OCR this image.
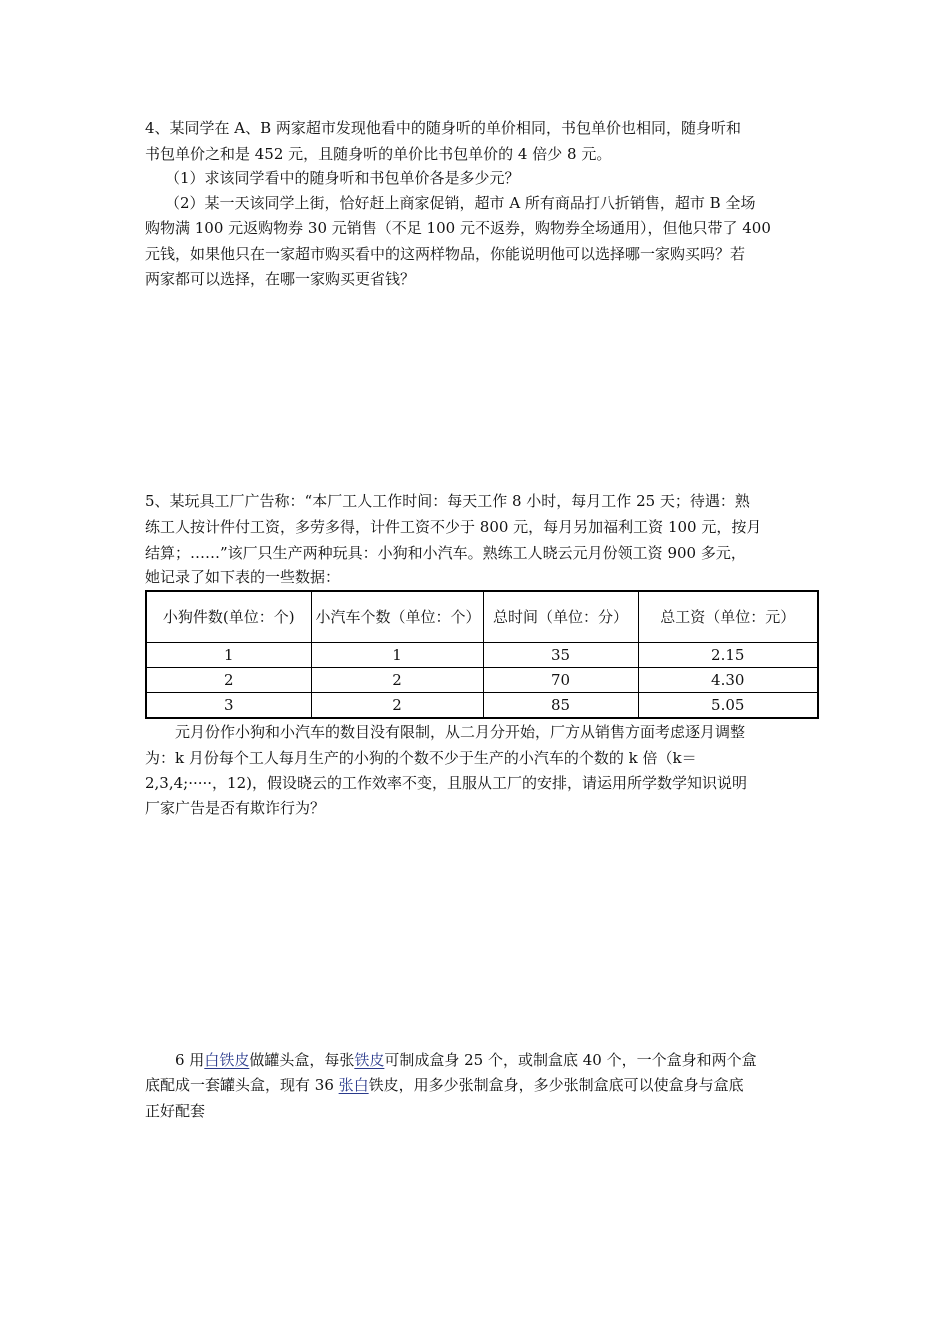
4、某同学在 A、B 两家超市发现他看中的随身听的单价相同，书包单价也相同，随身听和
书包单价之和是 452 元，且随身听的单价比书包单价的 4 倍少 8 元。
（1）求该同学看中的随身听和书包单价各是多少元？
（2）某一天该同学上街，恰好赶上商家促销，超市 A 所有商品打八折销售，超市 B 全场
购物满 100 元返购物券 30 元销售（不足 100 元不返券，购物券全场通用），但他只带了 400
元钱，如果他只在一家超市购买看中的这两样物品，你能说明他可以选择哪一家购买吗？若
两家都可以选择，在哪一家购买更省钱？
5、某玩具工厂广告称：“本厂工人工作时间：每天工作 8 小时，每月工作 25 天；待遇：熟
练工人按计件付工资，多劳多得，计件工资不少于 800 元，每月另加福利工资 100 元，按月
结算；……”该厂只生产两种玩具：小狗和小汽车。熟练工人晓云元月份领工资 900 多元，
她记录了如下表的一些数据：
小狗件数(单位：个)	小汽车个数（单位：个）	总时间（单位：分）	总工资（单位：元）
1	1	35	2.15
2	2	70	4.30
3	2	85	5.05
元月份作小狗和小汽车的数目没有限制，从二月分开始，厂方从销售方面考虑逐月调整
为：k 月份每个工人每月生产的小狗的个数不少于生产的小汽车的个数的 k 倍（k＝
2,3,4;·····，12)，假设晓云的工作效率不变，且服从工厂的安排，请运用所学数学知识说明
厂家广告是否有欺诈行为？
6 用白铁皮做罐头盒，每张铁皮可制成盒身 25 个，或制盒底 40 个，一个盒身和两个盒
底配成一套罐头盒，现有 36 张白铁皮，用多少张制盒身，多少张制盒底可以使盒身与盒底
正好配套
